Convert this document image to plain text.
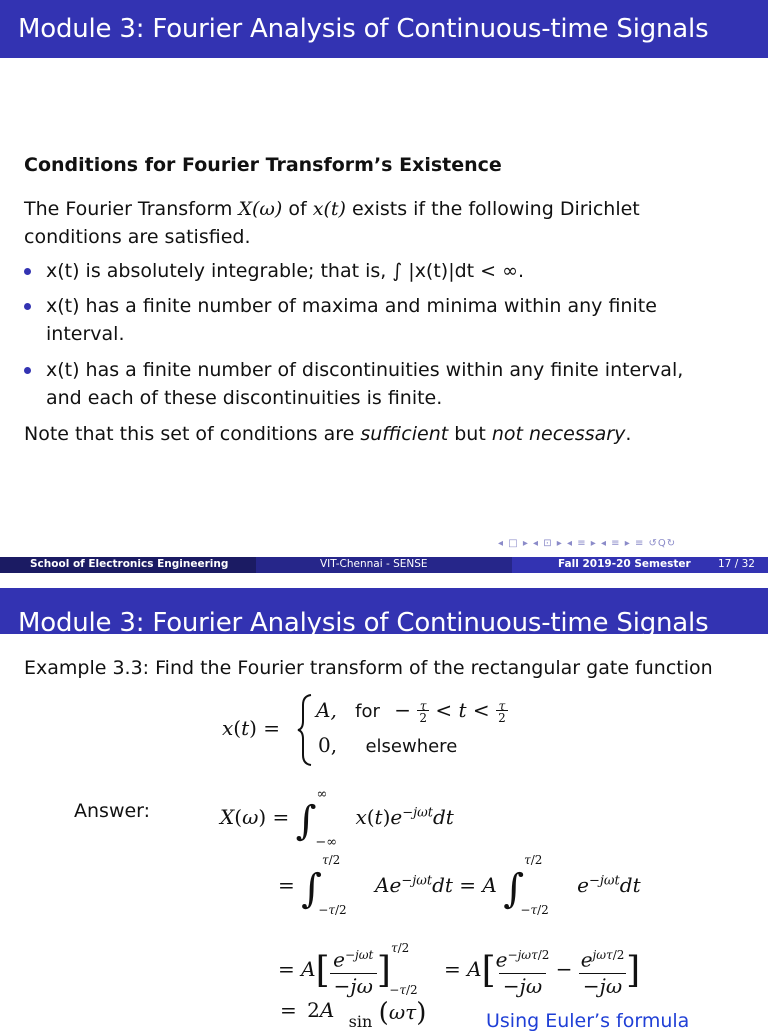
Module 3: Fourier Analysis of Continuous-time Signals
Conditions for Fourier Transform’s Existence
The Fourier Transform X(ω) of x(t) exists if the following Dirichlet
conditions are satisfied.
x(t) is absolutely integrable; that is, ∫ |x(t)|dt < ∞.
x(t) has a finite number of maxima and minima within any finite
interval.
x(t) has a finite number of discontinuities within any finite interval,
and each of these discontinuities is finite.
Note that this set of conditions are sufficient but not necessary.
◂ □ ▸ ◂ ⊡ ▸ ◂ ≡ ▸ ◂ ≡ ▸ ≡ ↺Q↻
School of Electronics Engineering	VIT-Chennai - SENSE	Fall 2019-20 Semester	17 / 32
Module 3: Fourier Analysis of Continuous-time Signals
Example 3.3: Find the Fourier transform of the rectangular gate function
x(t) =
A, for − $\frac{\tau}{2} < t < \frac{\tau}{2}$
0, elsewhere
Answer:	$X(\omega) = \int^\infty_{-\infty}$ $x(t)e^{-j\omega t}dt$
= ∫$^{\tau/2}_{-\tau/2}$ $Ae^{-j\omega t}dt = A$ ∫$^{\tau/2}_{-\tau/2}$ $e^{-j\omega t}dt$
= A[ $e^{-j\omega t}$
−jω ]$^{\tau/2}_{-\tau/2} = A[e^{-j\omega\tau/2}$
$-j\omega - e^{j\omega\tau/2}$
−jω ]
= 2A sin (ωτ)	Using Euler’s formula
